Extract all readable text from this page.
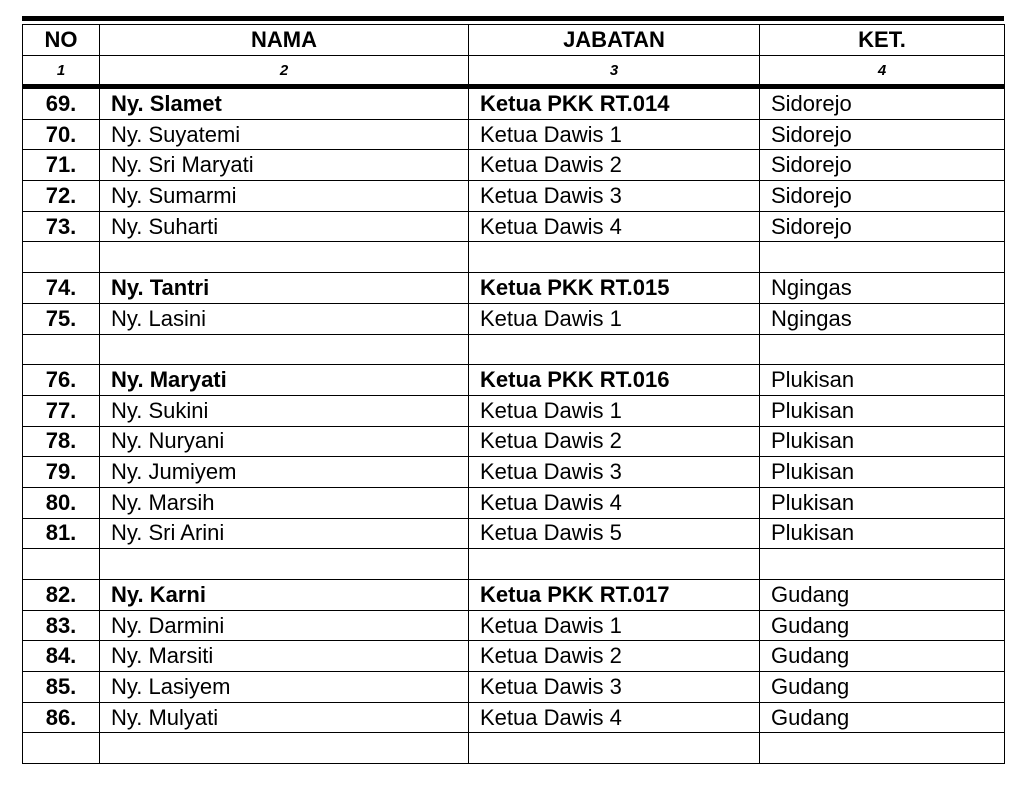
NO	NAMA	JABATAN	KET.
1	2	3	4
69.	Ny. Slamet	Ketua PKK RT.014	Sidorejo
70.	Ny. Suyatemi	Ketua Dawis 1	Sidorejo
71.	Ny. Sri Maryati	Ketua Dawis 2	Sidorejo
72.	Ny. Sumarmi	Ketua Dawis 3	Sidorejo
73.	Ny. Suharti	Ketua Dawis 4	Sidorejo

74.	Ny. Tantri	Ketua PKK RT.015	Ngingas
75.	Ny. Lasini	Ketua Dawis 1	Ngingas

76.	Ny. Maryati	Ketua PKK RT.016	Plukisan
77.	Ny. Sukini	Ketua Dawis 1	Plukisan
78.	Ny. Nuryani	Ketua Dawis 2	Plukisan
79.	Ny. Jumiyem	Ketua Dawis 3	Plukisan
80.	Ny. Marsih	Ketua Dawis 4	Plukisan
81.	Ny. Sri Arini	Ketua Dawis 5	Plukisan

82.	Ny. Karni	Ketua PKK RT.017	Gudang
83.	Ny. Darmini	Ketua Dawis 1	Gudang
84.	Ny. Marsiti	Ketua Dawis 2	Gudang
85.	Ny. Lasiyem	Ketua Dawis 3	Gudang
86.	Ny. Mulyati	Ketua Dawis 4	Gudang
